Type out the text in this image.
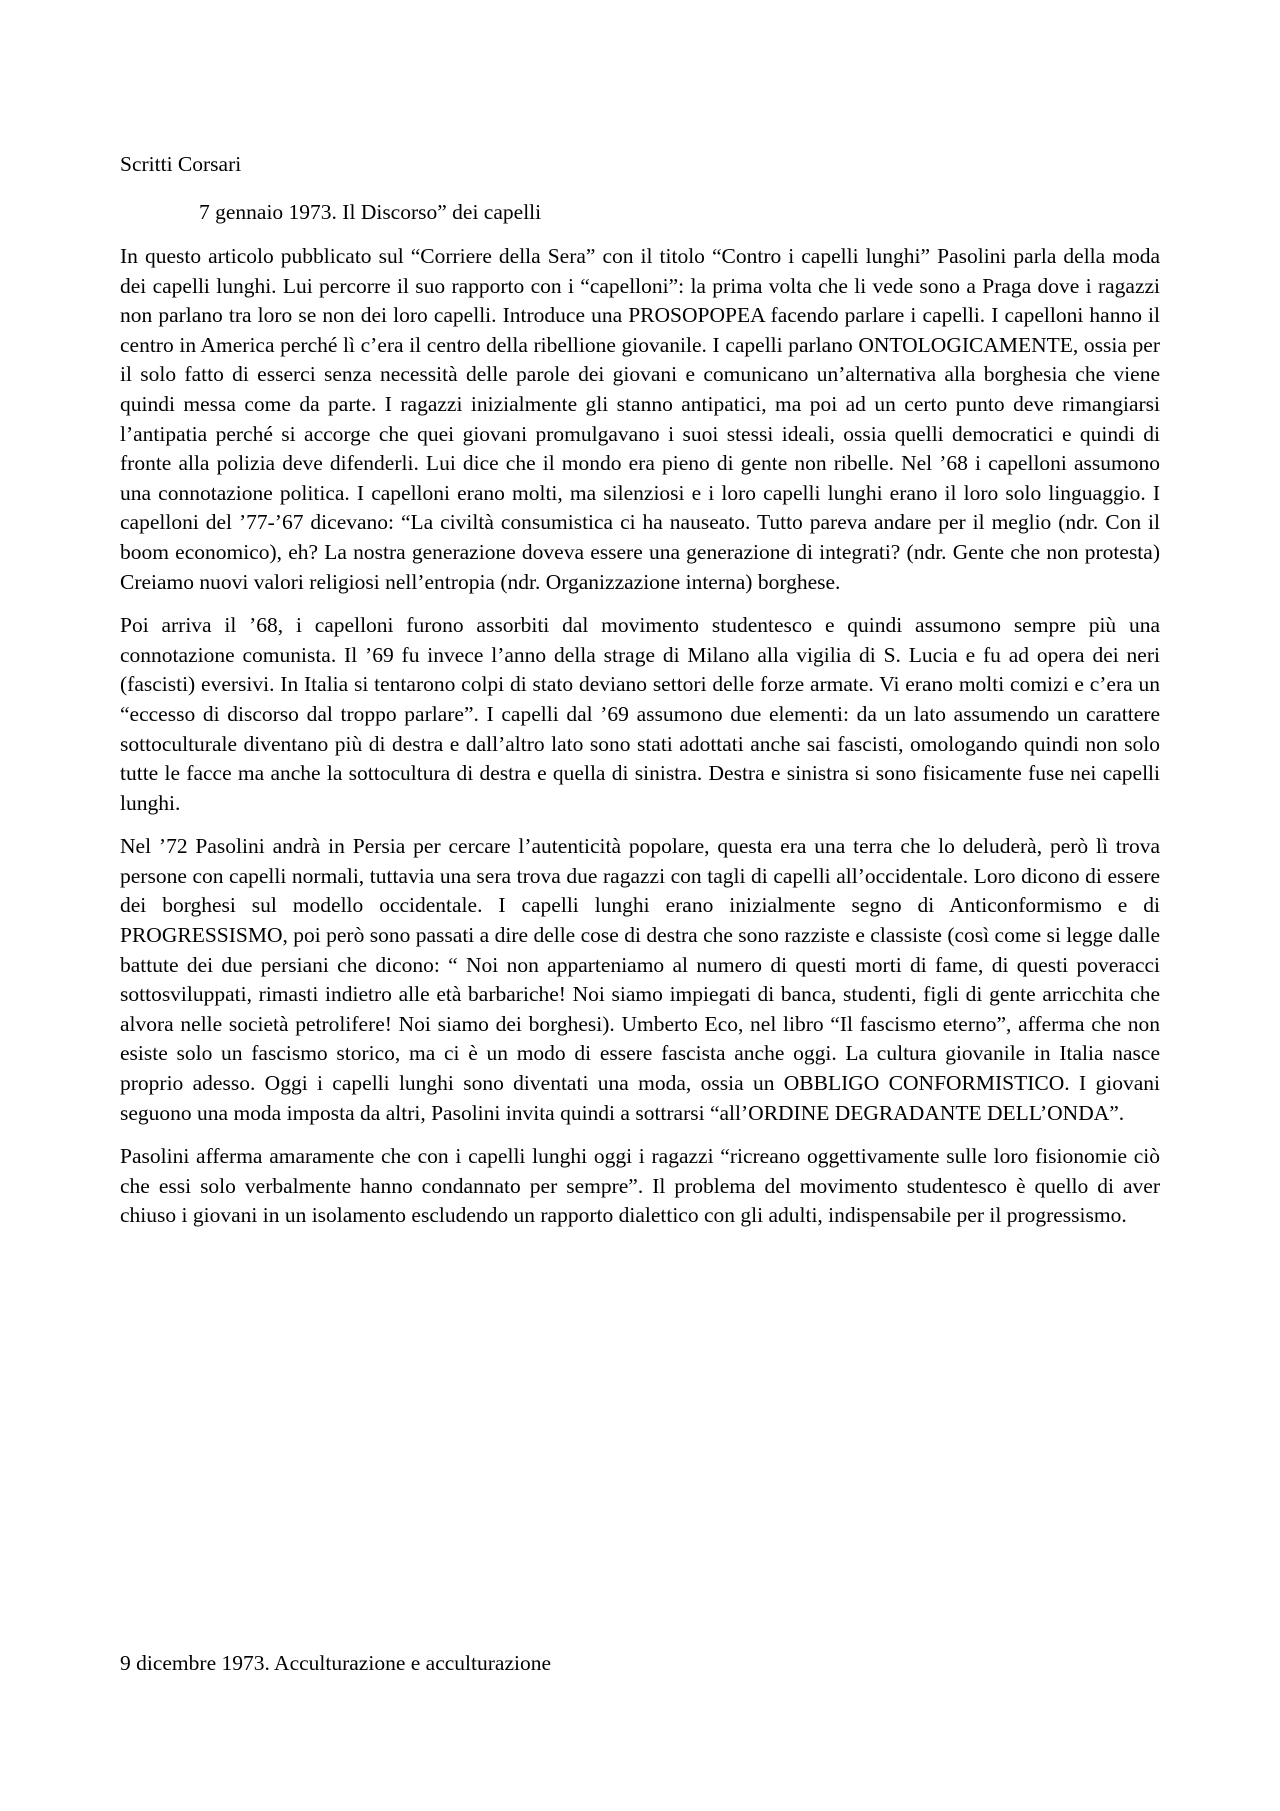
Scritti Corsari
7 gennaio 1973. Il Discorso” dei capelli

In questo articolo pubblicato sul “Corriere della Sera” con il titolo “Contro i capelli lunghi” Pasolini parla della moda dei capelli lunghi. Lui percorre il suo rapporto con i “capelloni”: la prima volta che li vede sono a Praga dove i ragazzi non parlano tra loro se non dei loro capelli. Introduce una PROSOPOPEA facendo parlare i capelli. I capelloni hanno il centro in America perché lì c’era il centro della ribellione giovanile. I capelli parlano ONTOLOGICAMENTE, ossia per il solo fatto di esserci senza necessità delle parole dei giovani e comunicano un’alternativa alla borghesia che viene quindi messa come da parte. I ragazzi inizialmente gli stanno antipatici, ma poi ad un certo punto deve rimangiarsi l’antipatia perché si accorge che quei giovani promulgavano i suoi stessi ideali, ossia quelli democratici e quindi di fronte alla polizia deve difenderli. Lui dice che il mondo era pieno di gente non ribelle. Nel ’68 i capelloni assumono una connotazione politica. I capelloni erano molti, ma silenziosi e i loro capelli lunghi erano il loro solo linguaggio. I capelloni del ’77-’67 dicevano: “La civiltà consumistica ci ha nauseato. Tutto pareva andare per il meglio (ndr. Con il boom economico), eh? La nostra generazione doveva essere una generazione di integrati? (ndr. Gente che non protesta) Creiamo nuovi valori religiosi nell’entropia (ndr. Organizzazione interna) borghese.

Poi arriva il ’68, i capelloni furono assorbiti dal movimento studentesco e quindi assumono sempre più una connotazione comunista. Il ’69 fu invece l’anno della strage di Milano alla vigilia di S. Lucia e fu ad opera dei neri (fascisti) eversivi. In Italia si tentarono colpi di stato deviano settori delle forze armate. Vi erano molti comizi e c’era un “eccesso di discorso dal troppo parlare”. I capelli dal ’69 assumono due elementi: da un lato assumendo un carattere sottoculturale diventano più di destra e dall’altro lato sono stati adottati anche sai fascisti, omologando quindi non solo tutte le facce ma anche la sottocultura di destra e quella di sinistra. Destra e sinistra si sono fisicamente fuse nei capelli lunghi.

Nel ’72 Pasolini andrà in Persia per cercare l’autenticità popolare, questa era una terra che lo deluderà, però lì trova persone con capelli normali, tuttavia una sera trova due ragazzi con tagli di capelli all’occidentale. Loro dicono di essere dei borghesi sul modello occidentale. I capelli lunghi erano inizialmente segno di Anticonformismo e di PROGRESSISMO, poi però sono passati a dire delle cose di destra che sono razziste e classiste (così come si legge dalle battute dei due persiani che dicono: “ Noi non apparteniamo al numero di questi morti di fame, di questi poveracci sottosviluppati, rimasti indietro alle età barbariche! Noi siamo impiegati di banca, studenti, figli di gente arricchita che alvora nelle società petrolifere! Noi siamo dei borghesi). Umberto Eco, nel libro “Il fascismo eterno”, afferma che non esiste solo un fascismo storico, ma ci è un modo di essere fascista anche oggi. La cultura giovanile in Italia nasce proprio adesso. Oggi i capelli lunghi sono diventati una moda, ossia un OBBLIGO CONFORMISTICO. I giovani seguono una moda imposta da altri, Pasolini invita quindi a sottrarsi “all’ORDINE DEGRADANTE DELL’ONDA”.

Pasolini afferma amaramente che con i capelli lunghi oggi i ragazzi “ricreano oggettivamente sulle loro fisionomie ciò che essi solo verbalmente hanno condannato per sempre”. Il problema del movimento studentesco è quello di aver chiuso i giovani in un isolamento escludendo un rapporto dialettico con gli adulti, indispensabile per il progressismo.

9 dicembre 1973. Acculturazione e acculturazione
